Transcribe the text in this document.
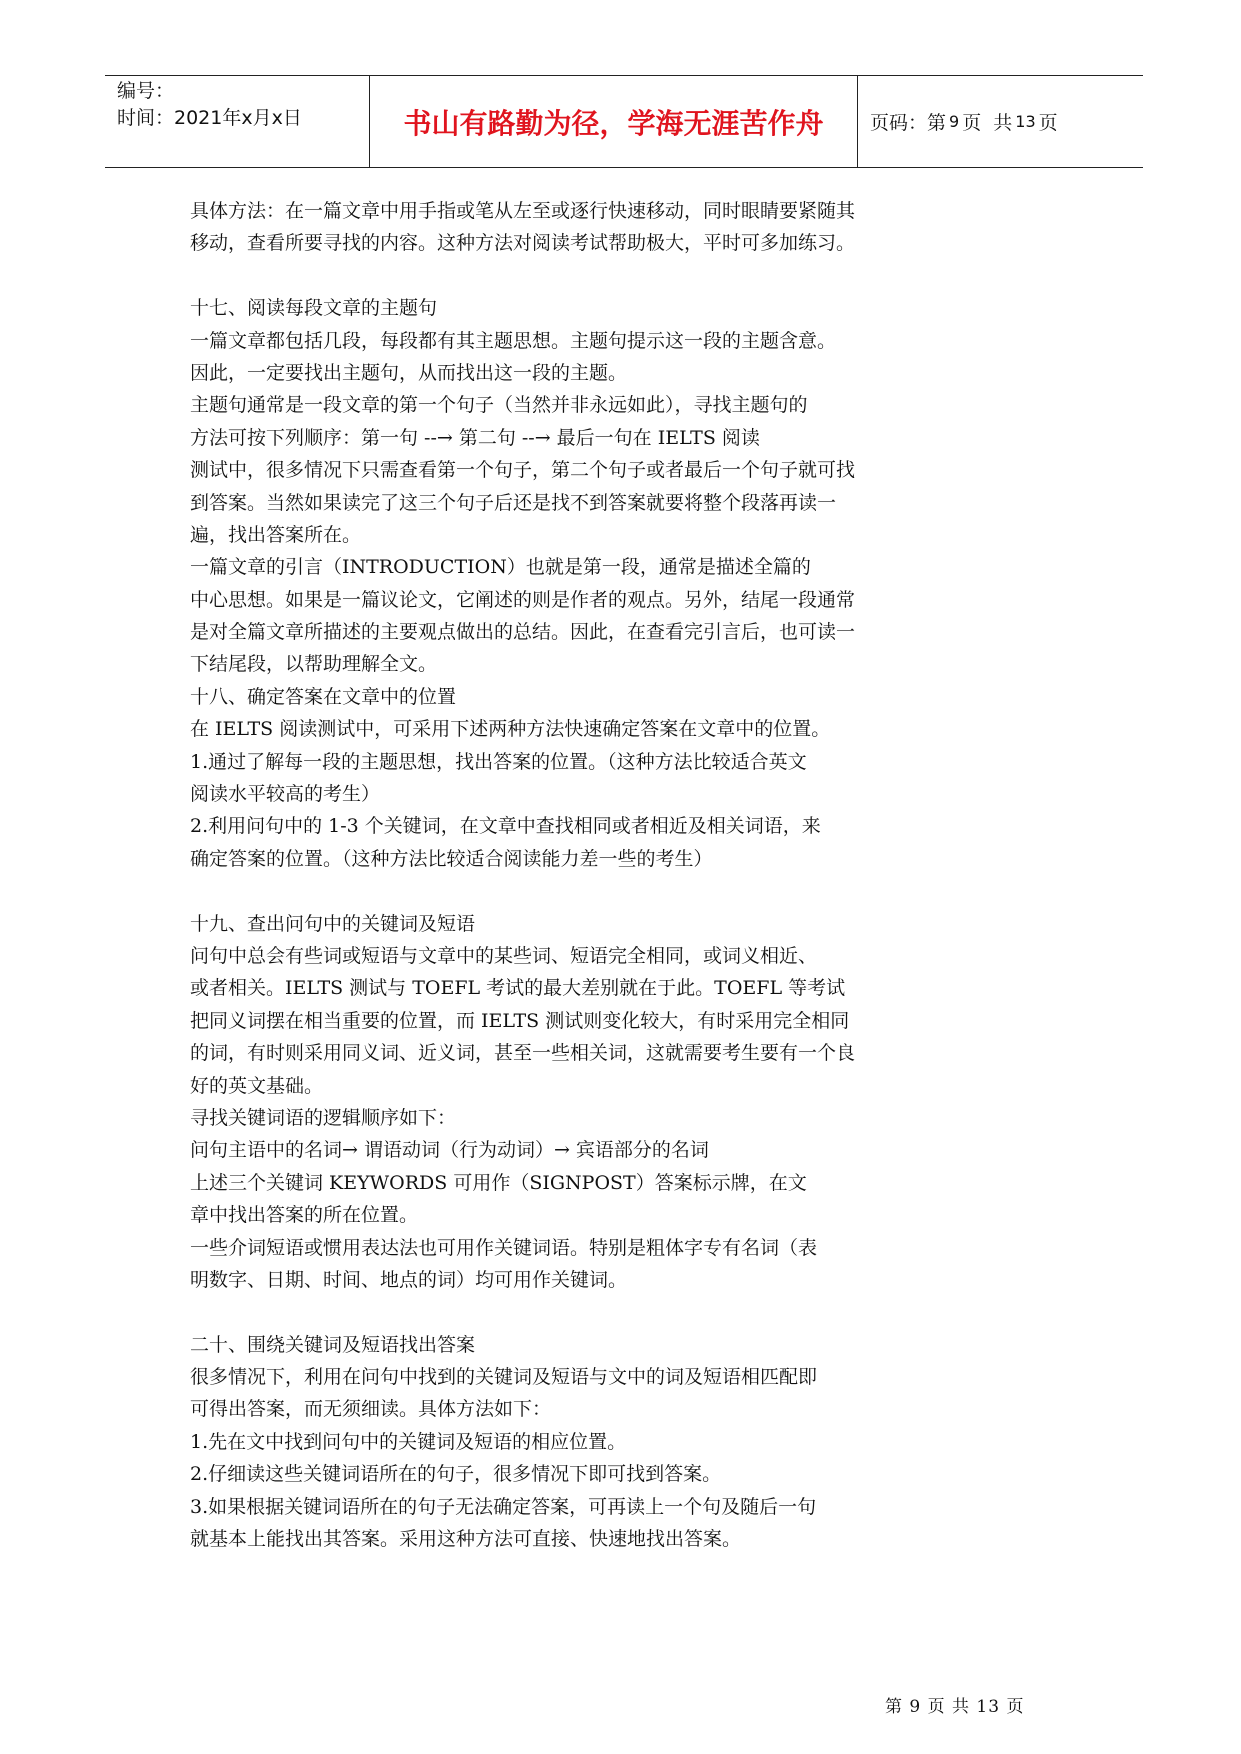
编号：
时间：2021年x月x日	书山有路勤为径，学海无涯苦作舟	页码：第 9 页  共 13 页
具体方法：在一篇文章中用手指或笔从左至或逐行快速移动，同时眼睛要紧随其
移动，查看所要寻找的内容。这种方法对阅读考试帮助极大，平时可多加练习。
十七、阅读每段文章的主题句
一篇文章都包括几段，每段都有其主题思想。主题句提示这一段的主题含意。
因此，一定要找出主题句，从而找出这一段的主题。
主题句通常是一段文章的第一个句子（当然并非永远如此），寻找主题句的
方法可按下列顺序：第一句 --→ 第二句 --→ 最后一句在 IELTS 阅读
测试中，很多情况下只需查看第一个句子，第二个句子或者最后一个句子就可找
到答案。当然如果读完了这三个句子后还是找不到答案就要将整个段落再读一
遍，找出答案所在。
一篇文章的引言（INTRODUCTION）也就是第一段，通常是描述全篇的
中心思想。如果是一篇议论文，它阐述的则是作者的观点。另外，结尾一段通常
是对全篇文章所描述的主要观点做出的总结。因此，在查看完引言后，也可读一
下结尾段，以帮助理解全文。
十八、确定答案在文章中的位置
在 IELTS 阅读测试中，可采用下述两种方法快速确定答案在文章中的位置。
1.通过了解每一段的主题思想，找出答案的位置。（这种方法比较适合英文
阅读水平较高的考生）
2.利用问句中的 1-3 个关键词，在文章中查找相同或者相近及相关词语，来
确定答案的位置。（这种方法比较适合阅读能力差一些的考生）
十九、查出问句中的关键词及短语
问句中总会有些词或短语与文章中的某些词、短语完全相同，或词义相近、
或者相关。IELTS 测试与 TOEFL 考试的最大差别就在于此。TOEFL 等考试
把同义词摆在相当重要的位置，而 IELTS 测试则变化较大，有时采用完全相同
的词，有时则采用同义词、近义词，甚至一些相关词，这就需要考生要有一个良
好的英文基础。
寻找关键词语的逻辑顺序如下：
问句主语中的名词→ 谓语动词（行为动词）→ 宾语部分的名词
上述三个关键词 KEYWORDS 可用作（SIGNPOST）答案标示牌，在文
章中找出答案的所在位置。
一些介词短语或惯用表达法也可用作关键词语。特别是粗体字专有名词（表
明数字、日期、时间、地点的词）均可用作关键词。
二十、围绕关键词及短语找出答案
很多情况下，利用在问句中找到的关键词及短语与文中的词及短语相匹配即
可得出答案，而无须细读。具体方法如下：
1.先在文中找到问句中的关键词及短语的相应位置。
2.仔细读这些关键词语所在的句子，很多情况下即可找到答案。
3.如果根据关键词语所在的句子无法确定答案，可再读上一个句及随后一句
就基本上能找出其答案。采用这种方法可直接、快速地找出答案。
第 9 页 共 13 页
